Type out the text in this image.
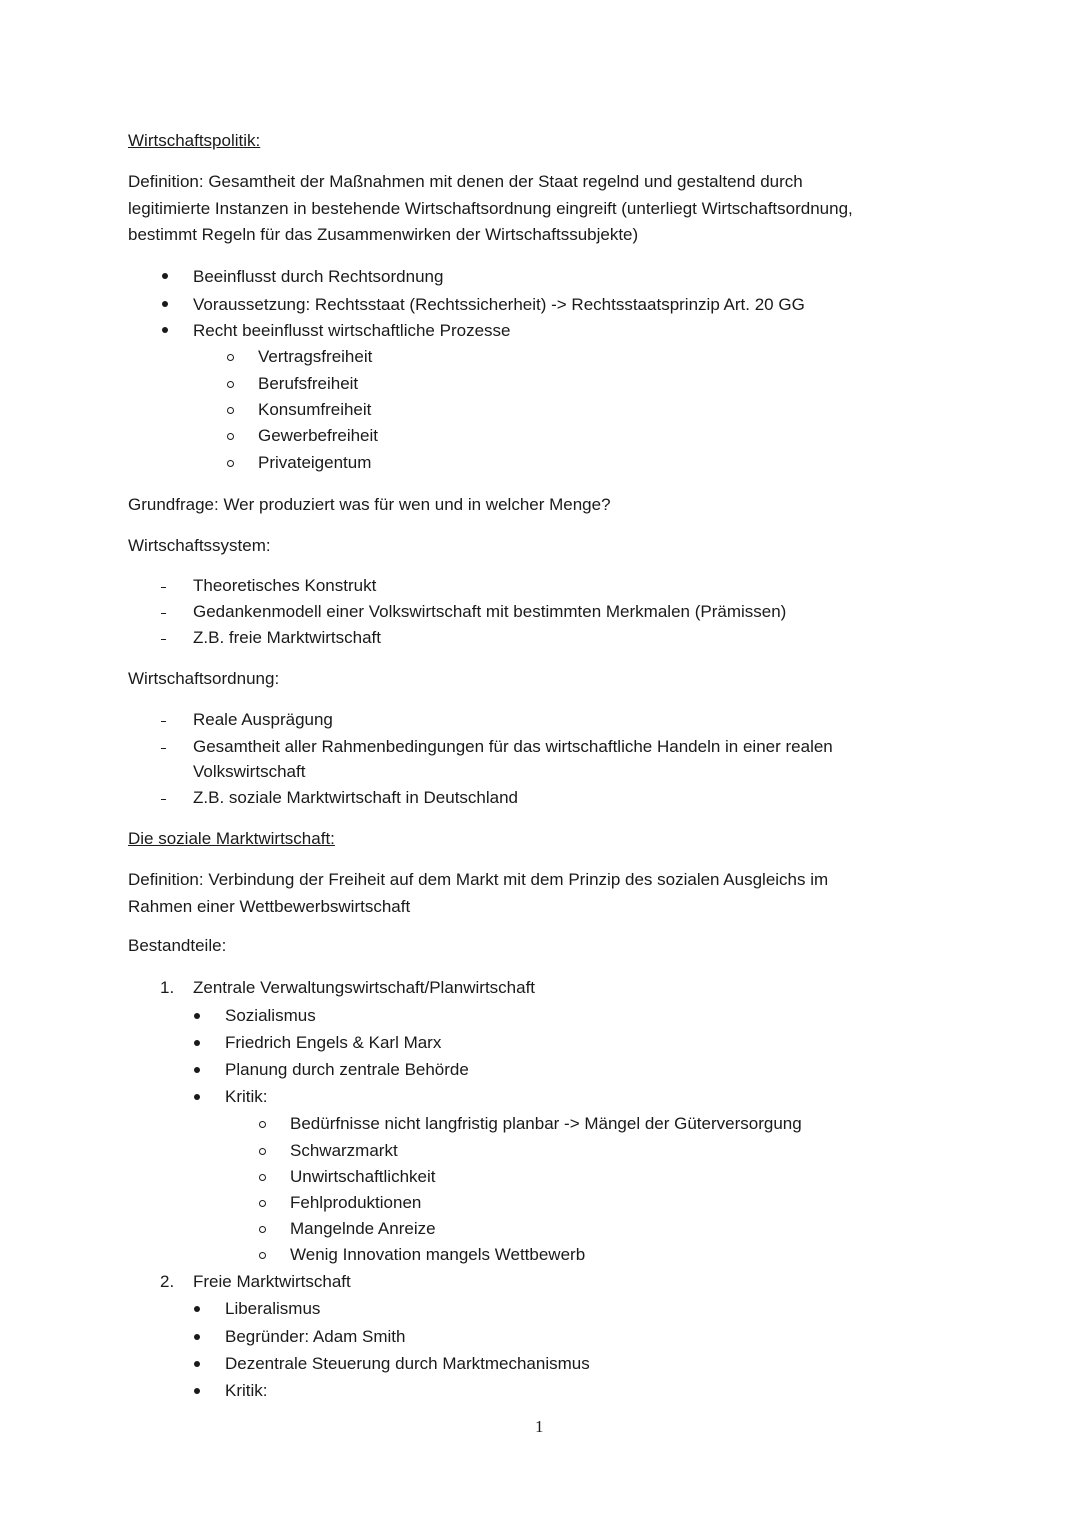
Wirtschaftspolitik:
Definition: Gesamtheit der Maßnahmen mit denen der Staat regelnd und gestaltend durch
legitimierte Instanzen in bestehende Wirtschaftsordnung eingreift (unterliegt Wirtschaftsordnung,
bestimmt Regeln für das Zusammenwirken der Wirtschaftssubjekte)
Beeinflusst durch Rechtsordnung
Voraussetzung: Rechtsstaat (Rechtssicherheit) -> Rechtsstaatsprinzip Art. 20 GG
Recht beeinflusst wirtschaftliche Prozesse
Vertragsfreiheit
Berufsfreiheit
Konsumfreiheit
Gewerbefreiheit
Privateigentum
Grundfrage: Wer produziert was für wen und in welcher Menge?
Wirtschaftssystem:
Theoretisches Konstrukt
Gedankenmodell einer Volkswirtschaft mit bestimmten Merkmalen (Prämissen)
Z.B. freie Marktwirtschaft
Wirtschaftsordnung:
Reale Ausprägung
Gesamtheit aller Rahmenbedingungen für das wirtschaftliche Handeln in einer realen
Volkswirtschaft
Z.B. soziale Marktwirtschaft in Deutschland
Die soziale Marktwirtschaft:
Definition: Verbindung der Freiheit auf dem Markt mit dem Prinzip des sozialen Ausgleichs im
Rahmen einer Wettbewerbswirtschaft
Bestandteile:
1. Zentrale Verwaltungswirtschaft/Planwirtschaft
Sozialismus
Friedrich Engels & Karl Marx
Planung durch zentrale Behörde
Kritik:
Bedürfnisse nicht langfristig planbar -> Mängel der Güterversorgung
Schwarzmarkt
Unwirtschaftlichkeit
Fehlproduktionen
Mangelnde Anreize
Wenig Innovation mangels Wettbewerb
2. Freie Marktwirtschaft
Liberalismus
Begründer: Adam Smith
Dezentrale Steuerung durch Marktmechanismus
Kritik:
1
